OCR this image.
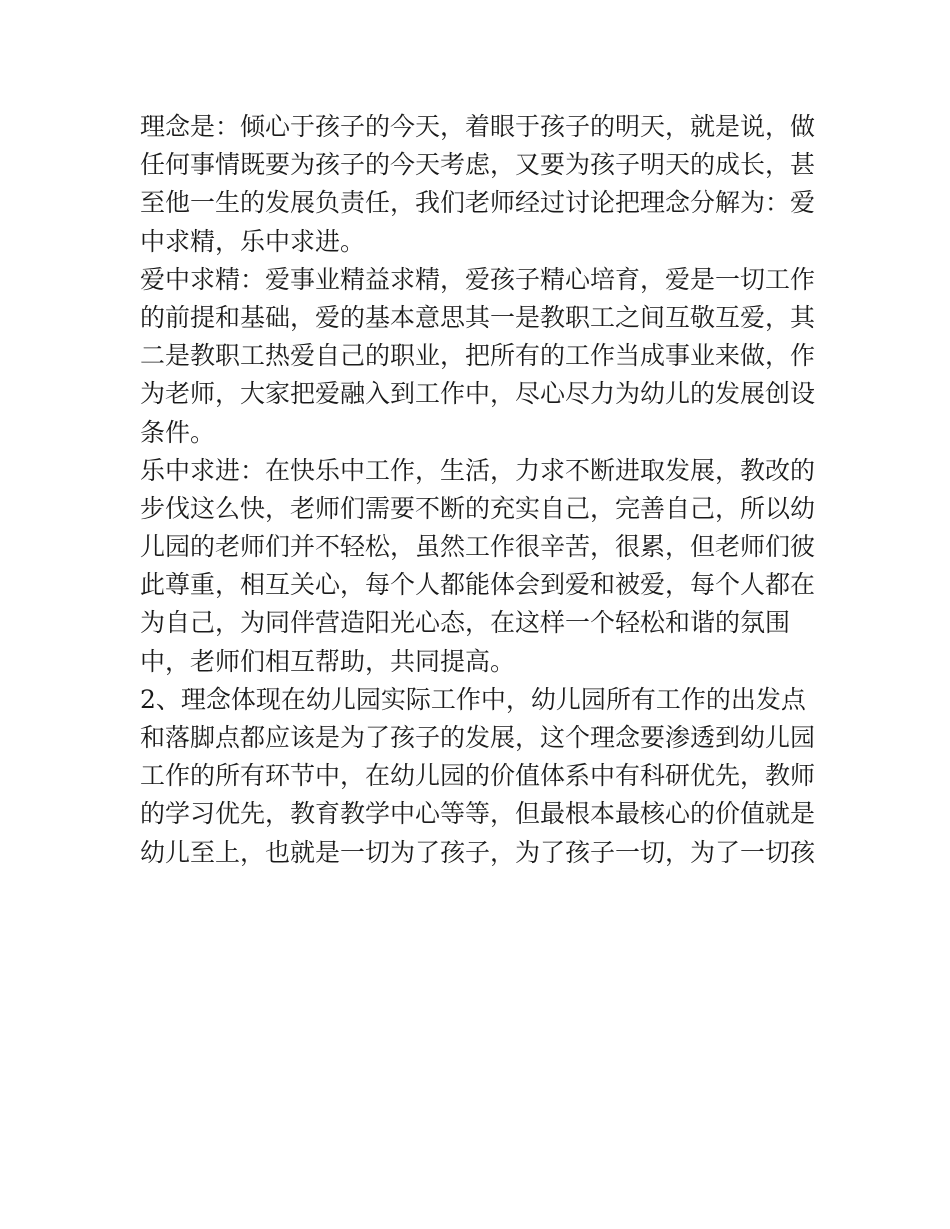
理念是：倾心于孩子的今天，着眼于孩子的明天，就是说，做
任何事情既要为孩子的今天考虑，又要为孩子明天的成长，甚
至他一生的发展负责任，我们老师经过讨论把理念分解为：爱
中求精，乐中求进。
爱中求精：爱事业精益求精，爱孩子精心培育，爱是一切工作
的前提和基础，爱的基本意思其一是教职工之间互敬互爱，其
二是教职工热爱自己的职业，把所有的工作当成事业来做，作
为老师，大家把爱融入到工作中，尽心尽力为幼儿的发展创设
条件。
乐中求进：在快乐中工作，生活，力求不断进取发展，教改的
步伐这么快，老师们需要不断的充实自己，完善自己，所以幼
儿园的老师们并不轻松，虽然工作很辛苦，很累，但老师们彼
此尊重，相互关心，每个人都能体会到爱和被爱，每个人都在
为自己，为同伴营造阳光心态，在这样一个轻松和谐的氛围
中，老师们相互帮助，共同提高。
2、理念体现在幼儿园实际工作中，幼儿园所有工作的出发点
和落脚点都应该是为了孩子的发展，这个理念要渗透到幼儿园
工作的所有环节中，在幼儿园的价值体系中有科研优先，教师
的学习优先，教育教学中心等等，但最根本最核心的价值就是
幼儿至上，也就是一切为了孩子，为了孩子一切，为了一切孩
